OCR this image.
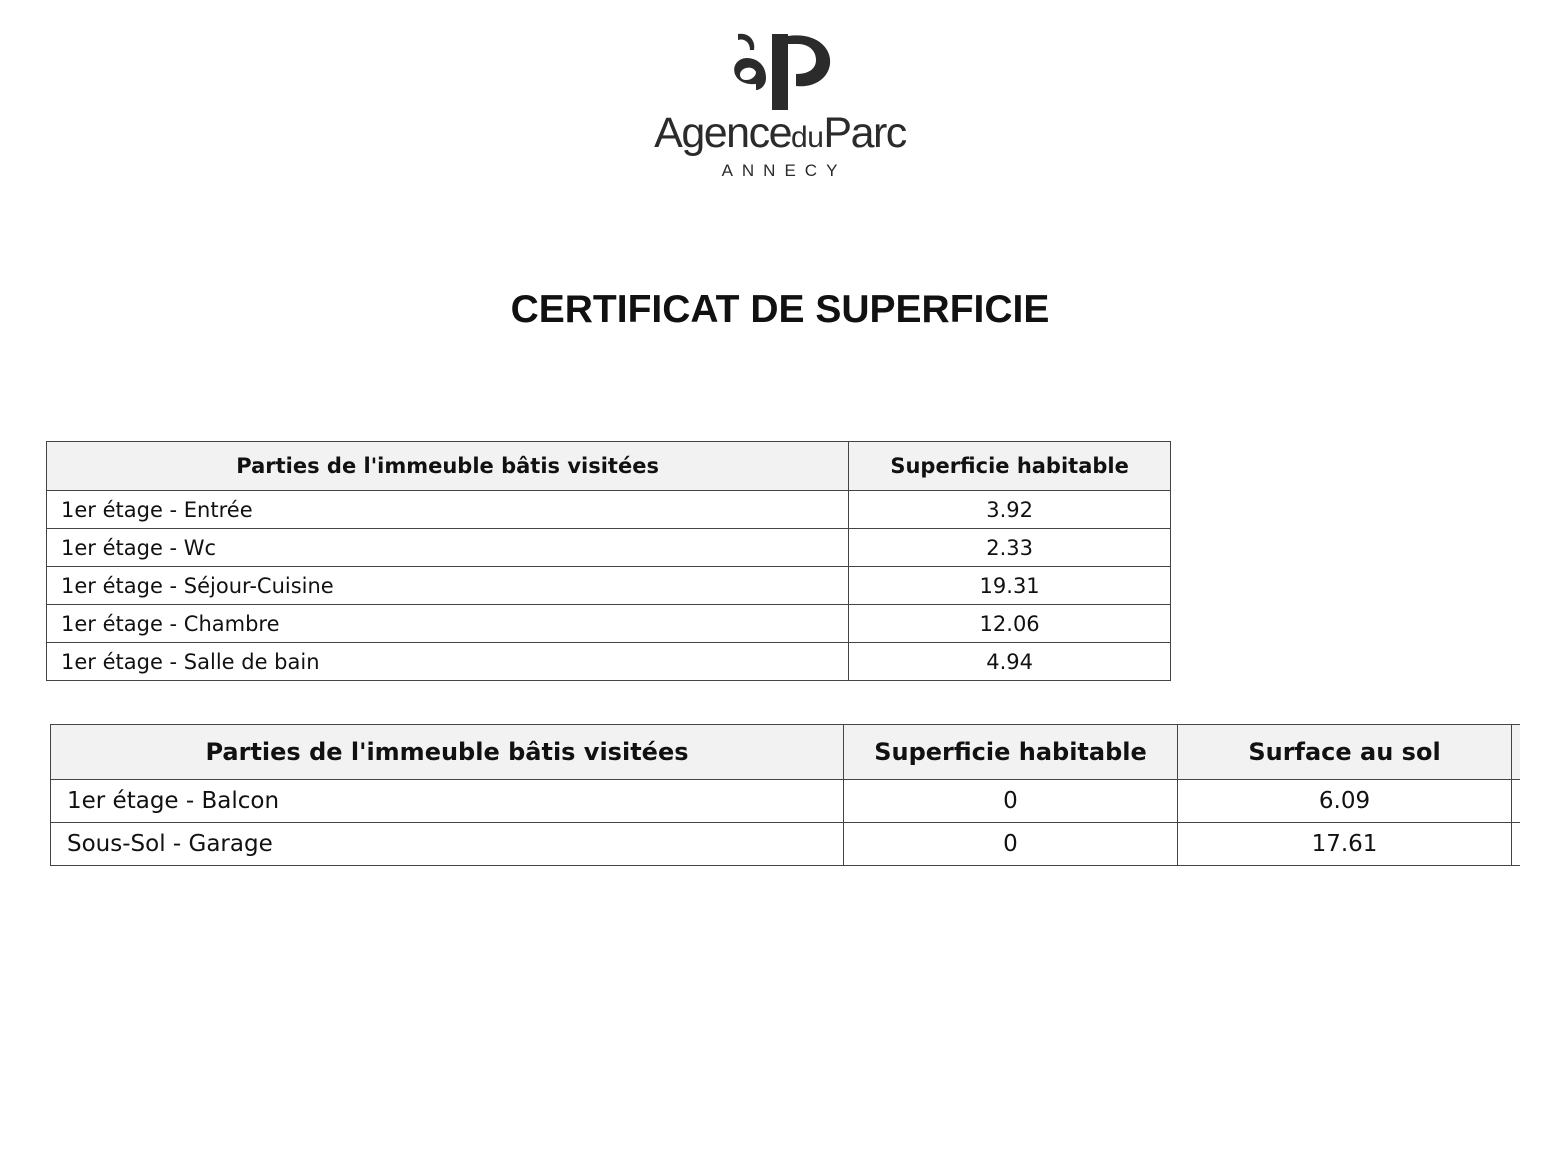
AgenceduParc
ANNECY
CERTIFICAT DE SUPERFICIE
Parties de l'immeuble bâtis visitées	Superficie habitable
1er étage - Entrée	3.92
1er étage - Wc	2.33
1er étage - Séjour-Cuisine	19.31
1er étage - Chambre	12.06
1er étage - Salle de bain	4.94
Parties de l'immeuble bâtis visitées	Superficie habitable	Surface au sol	
1er étage - Balcon	0	6.09	
Sous-Sol - Garage	0	17.61	
